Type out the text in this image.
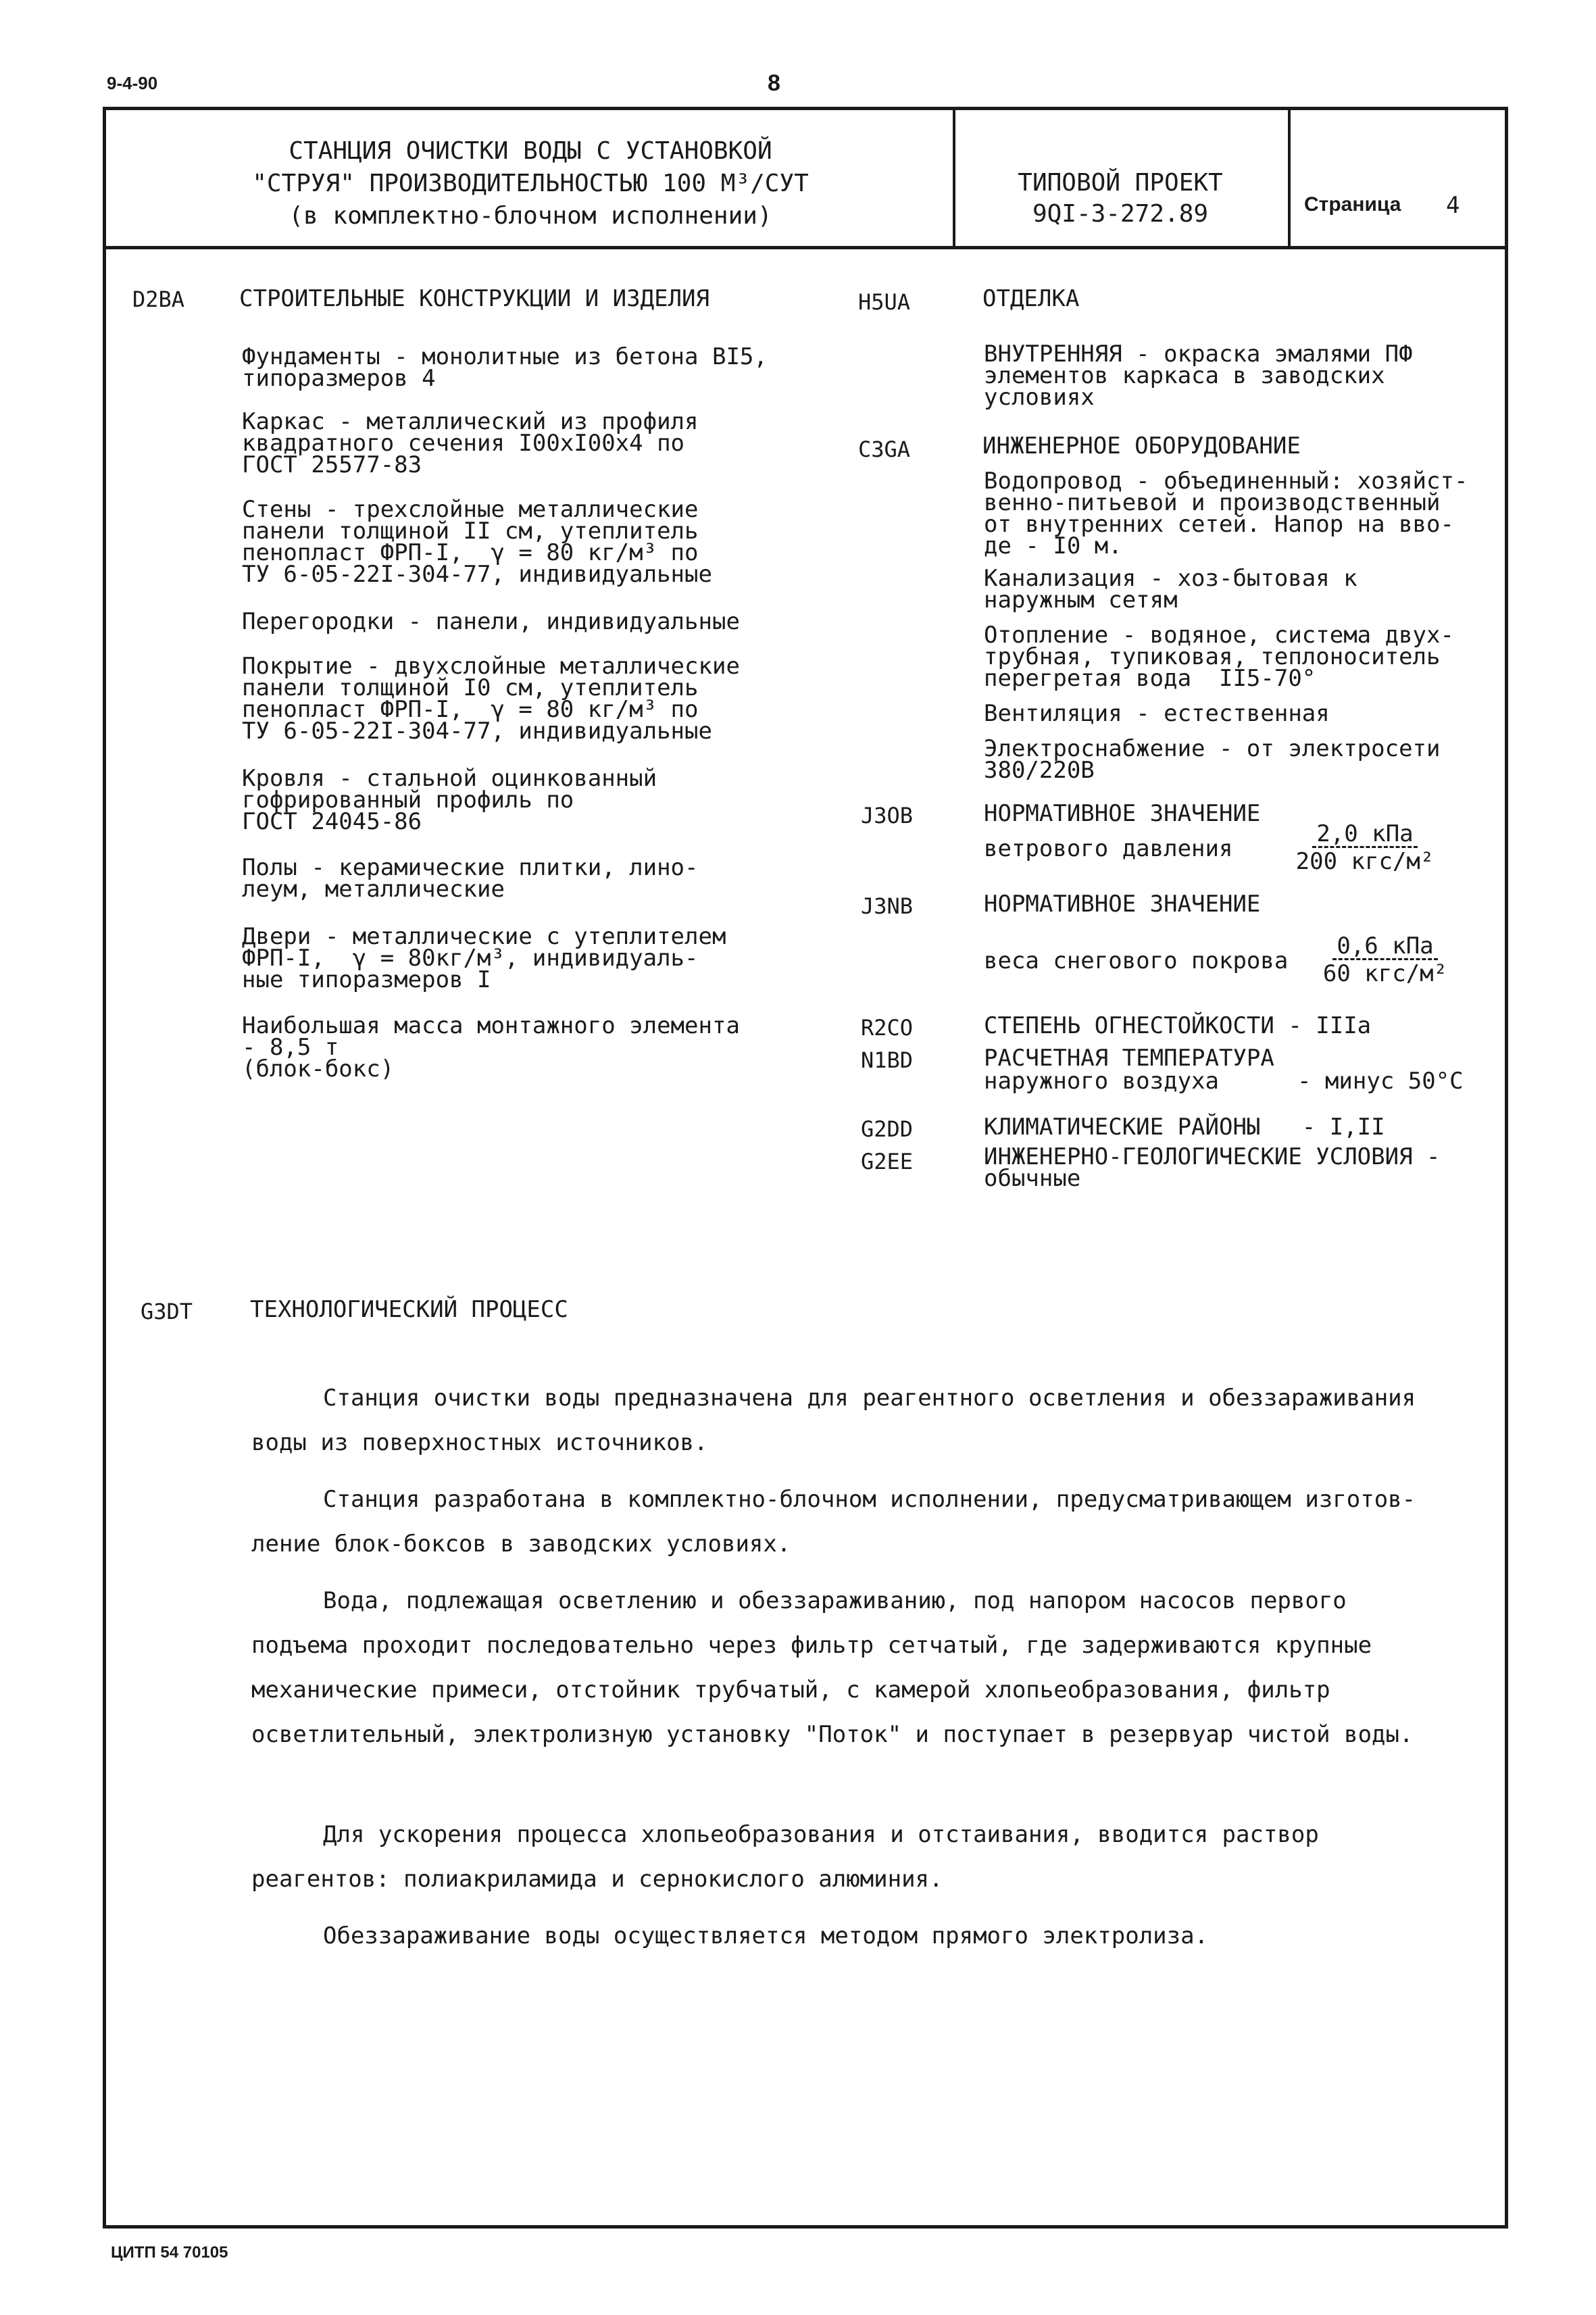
9-4-90	8
СТАНЦИЯ ОЧИСТКИ ВОДЫ С УСТАНОВКОЙ
"СТРУЯ" ПРОИЗВОДИТЕЛЬНОСТЬЮ 100 М³/СУТ
(в комплектно-блочном исполнении)
ТИПОВОЙ ПРОЕКТ
9QI-3-272.89	Страница 4
D2BA СТРОИТЕЛЬНЫЕ КОНСТРУКЦИИ И ИЗДЕЛИЯ
Фундаменты - монолитные из бетона BI5,
типоразмеров 4
Каркас - металлический из профиля
квадратного сечения I00xI00x4 по
ГОСТ 25577-83
Стены - трехслойные металлические
панели толщиной II см, утеплитель
пенопласт ФРП-I,  γ = 80 кг/м³ по
ТУ 6-05-22I-304-77, индивидуальные
Перегородки - панели, индивидуальные
Покрытие - двухслойные металлические
панели толщиной I0 см, утеплитель
пенопласт ФРП-I,  γ = 80 кг/м³ по
ТУ 6-05-22I-304-77, индивидуальные
Кровля - стальной оцинкованный
гофрированный профиль по
ГОСТ 24045-86
Полы - керамические плитки, лино-
леум, металлические
Двери - металлические с утеплителем
ФРП-I,  γ = 80кг/м³, индивидуаль-
ные типоразмеров I
Наибольшая масса монтажного элемента
- 8,5 т
(блок-бокс)
H5UA	ОТДЕЛКА
ВНУТРЕННЯЯ - окраска эмалями ПФ
элементов каркаса в заводских
условиях
C3GA	ИНЖЕНЕРНОЕ ОБОРУДОВАНИЕ
Водопровод - объединенный: хозяйст-
венно-питьевой и производственный
от внутренних сетей. Напор на вво-
де - I0 м.
Канализация - хоз-бытовая к
наружным сетям
Отопление - водяное, система двух-
трубная, тупиковая, теплоноситель
перегретая вода  II5-70°
Вентиляция - естественная
Электроснабжение - от электросети
380/220В
J3OB	НОРМАТИВНОЕ ЗНАЧЕНИЕ
ветрового давления
2,0 кПа
200 кгс/м²
J3NB	НОРМАТИВНОЕ ЗНАЧЕНИЕ
веса снегового покрова
0,6 кПа
60 кгс/м²
R2CO	СТЕПЕНЬ ОГНЕСТОЙКОСТИ - IIIа
N1BD	РАСЧЕТНАЯ ТЕМПЕРАТУРА
наружного воздуха	- минус 50°С
G2DD	КЛИМАТИЧЕСКИЕ РАЙОНЫ   - I,II
G2EE	ИНЖЕНЕРНО-ГЕОЛОГИЧЕСКИЕ УСЛОВИЯ -
обычные
G3DT ТЕХНОЛОГИЧЕСКИЙ ПРОЦЕСС
Станция очистки воды предназначена для реагентного осветления и обеззараживания воды из поверхностных источников.
Станция разработана в комплектно-блочном исполнении, предусматривающем изготов-ление блок-боксов в заводских условиях.
Вода, подлежащая осветлению и обеззараживанию, под напором насосов первого подъема проходит последовательно через фильтр сетчатый, где задерживаются крупные механические примеси, отстойник трубчатый, с камерой хлопьеобразования, фильтр осветлительный, электролизную установку "Поток" и поступает в резервуар чистой воды.
Для ускорения процесса хлопьеобразования и отстаивания, вводится раствор реагентов: полиакриламида и сернокислого алюминия.
Обеззараживание воды осуществляется методом прямого электролиза.
ЦИТП 54 70105
